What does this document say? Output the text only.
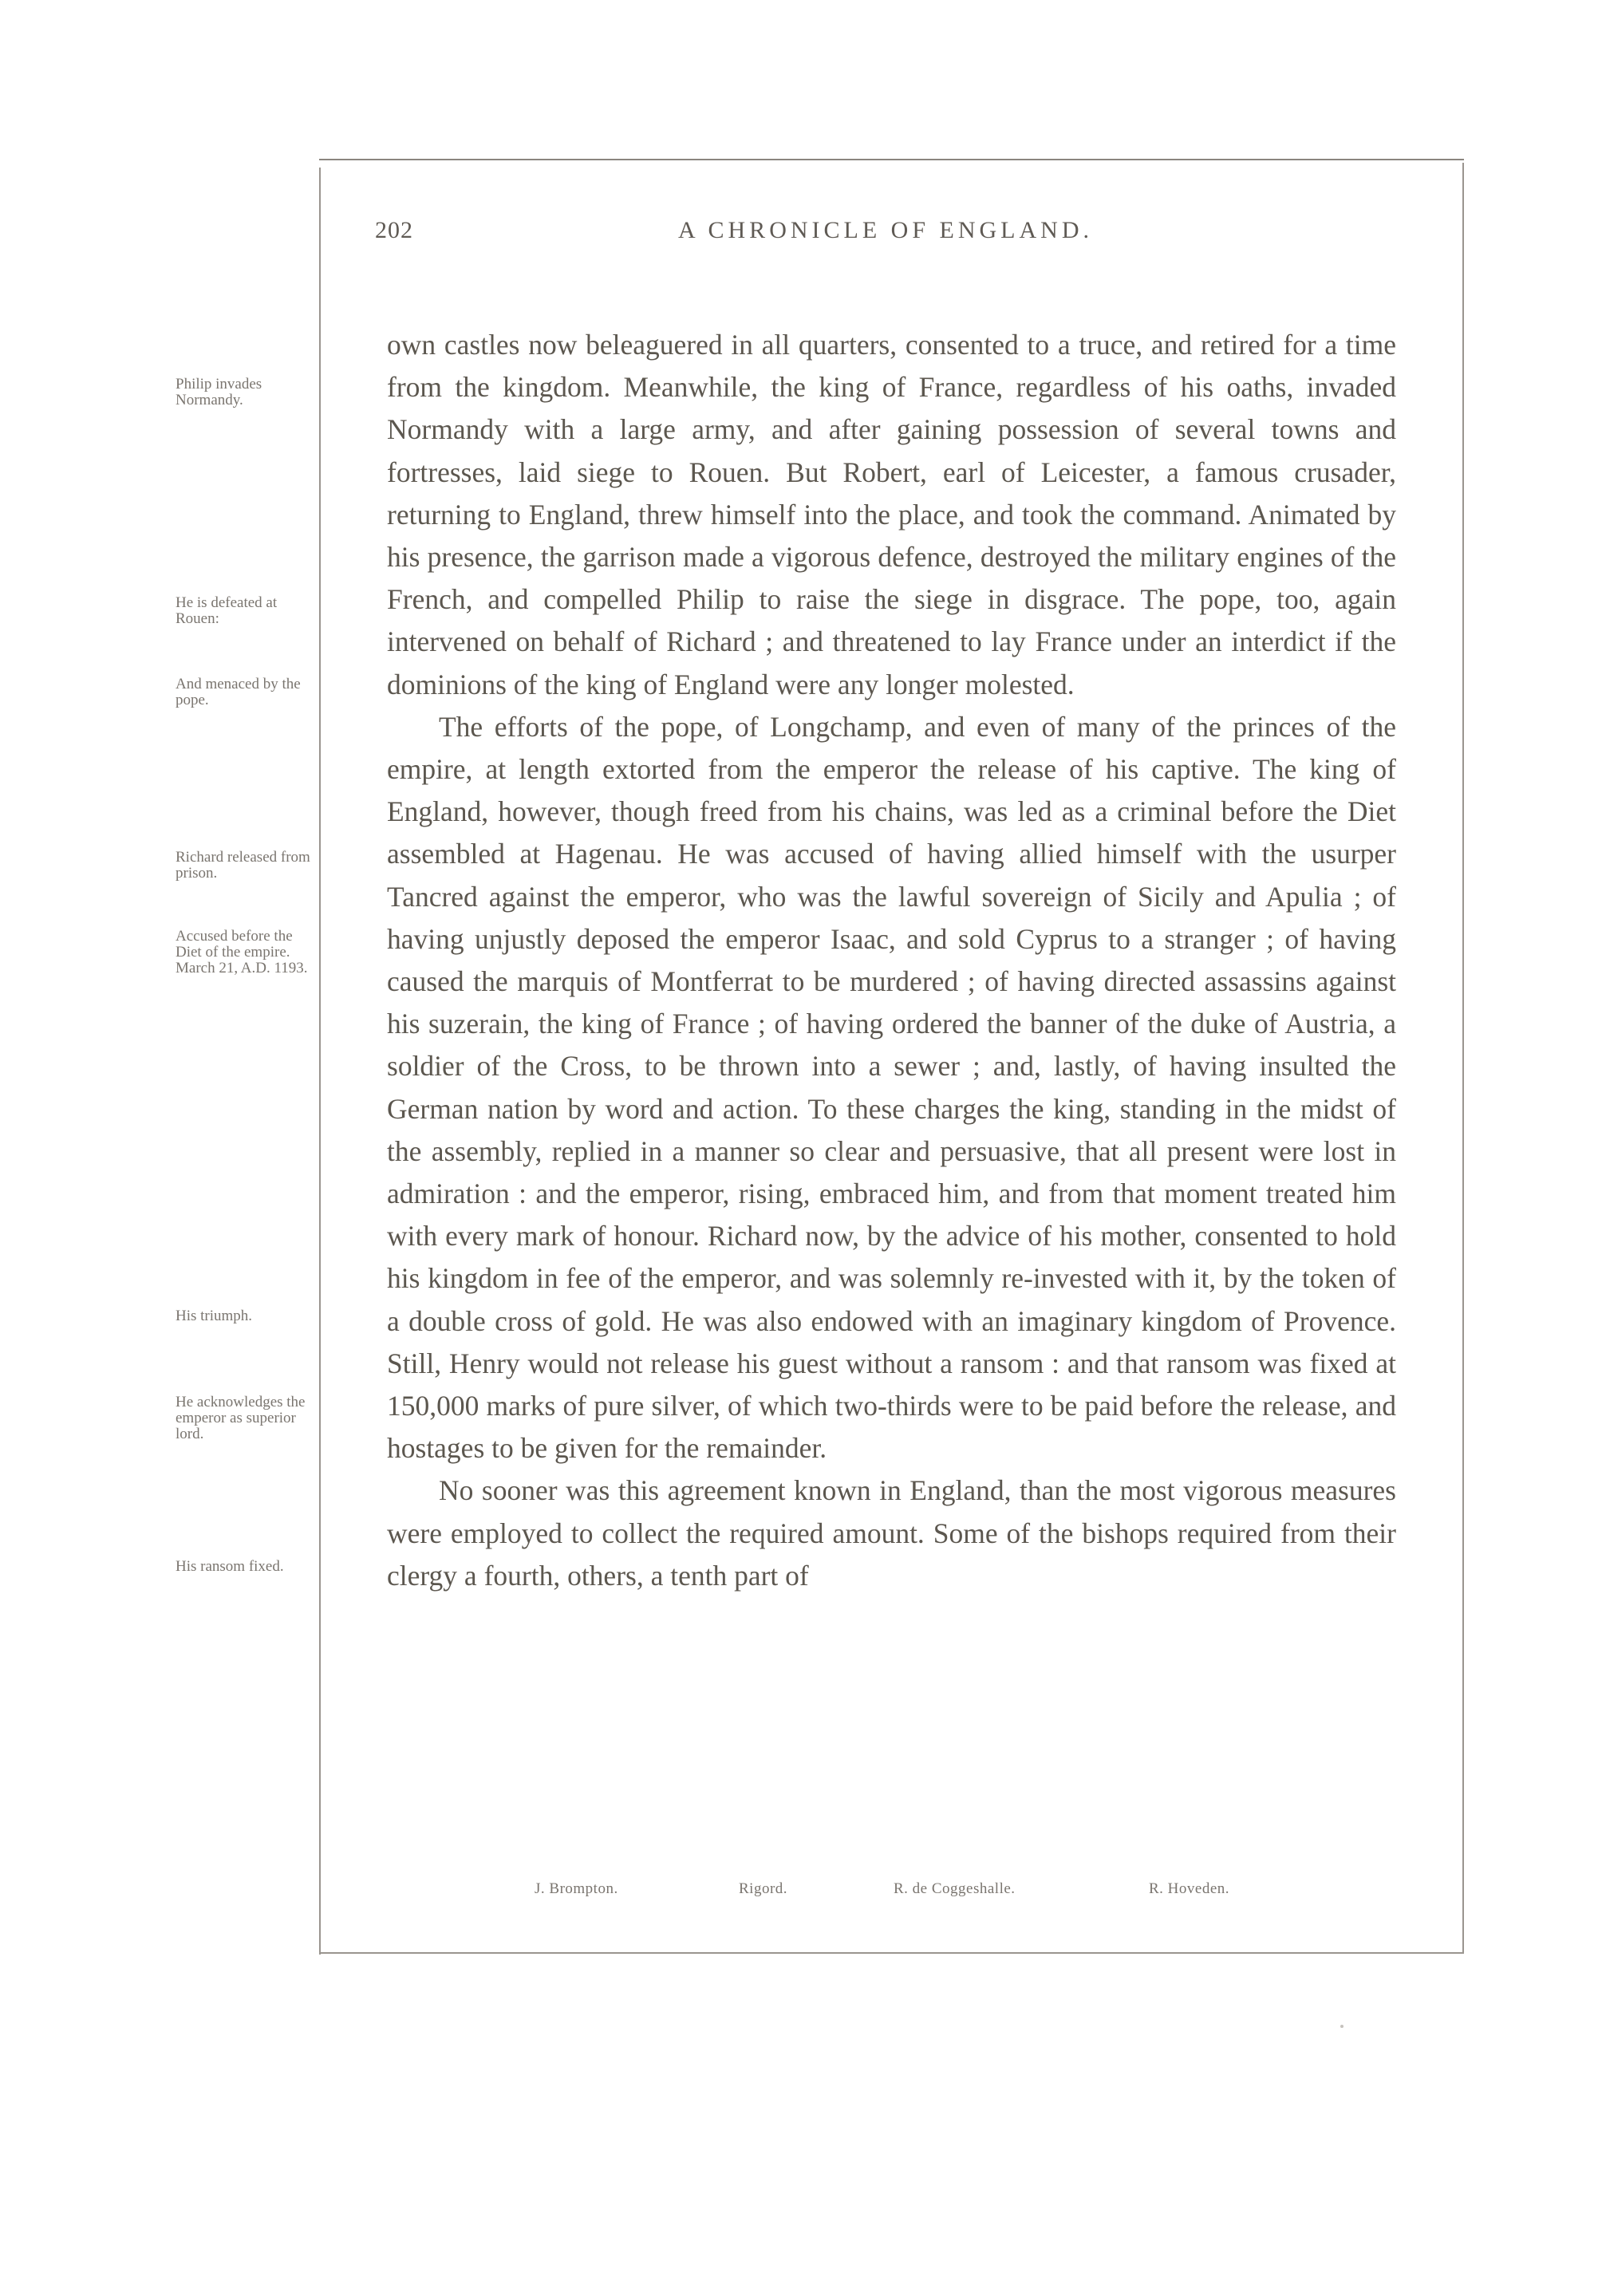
202	A CHRONICLE OF ENGLAND.
Philip invades Normandy.
He is defeated at Rouen:
And menaced by the pope.
Richard released from prison.
Accused before the Diet of the empire. March 21, A.D. 1193.
His triumph.
He acknowledges the emperor as superior lord.
His ransom fixed.

own castles now beleaguered in all quarters, consented to a truce, and retired for a time from the kingdom. Meanwhile, the king of France, regardless of his oaths, invaded Normandy with a large army, and after gaining possession of several towns and fortresses, laid siege to Rouen. But Robert, earl of Leicester, a famous crusader, returning to England, threw himself into the place, and took the command. Animated by his presence, the garrison made a vigorous defence, destroyed the military engines of the French, and compelled Philip to raise the siege in disgrace. The pope, too, again intervened on behalf of Richard ; and threatened to lay France under an interdict if the dominions of the king of England were any longer molested.

The efforts of the pope, of Longchamp, and even of many of the princes of the empire, at length extorted from the emperor the release of his captive. The king of England, however, though freed from his chains, was led as a criminal before the Diet assembled at Hagenau. He was accused of having allied himself with the usurper Tancred against the emperor, who was the lawful sovereign of Sicily and Apulia ; of having unjustly deposed the emperor Isaac, and sold Cyprus to a stranger ; of having caused the marquis of Montferrat to be murdered ; of having directed assassins against his suzerain, the king of France ; of having ordered the banner of the duke of Austria, a soldier of the Cross, to be thrown into a sewer ; and, lastly, of having insulted the German nation by word and action. To these charges the king, standing in the midst of the assembly, replied in a manner so clear and persuasive, that all present were lost in admiration : and the emperor, rising, embraced him, and from that moment treated him with every mark of honour. Richard now, by the advice of his mother, consented to hold his kingdom in fee of the emperor, and was solemnly re-invested with it, by the token of a double cross of gold. He was also endowed with an imaginary kingdom of Provence. Still, Henry would not release his guest without a ransom : and that ransom was fixed at 150,000 marks of pure silver, of which two-thirds were to be paid before the release, and hostages to be given for the remainder.

No sooner was this agreement known in England, than the most vigorous measures were employed to collect the required amount. Some of the bishops required from their clergy a fourth, others, a tenth part of

J. Brompton.	Rigord.	R. de Coggeshalle.	R. Hoveden.
